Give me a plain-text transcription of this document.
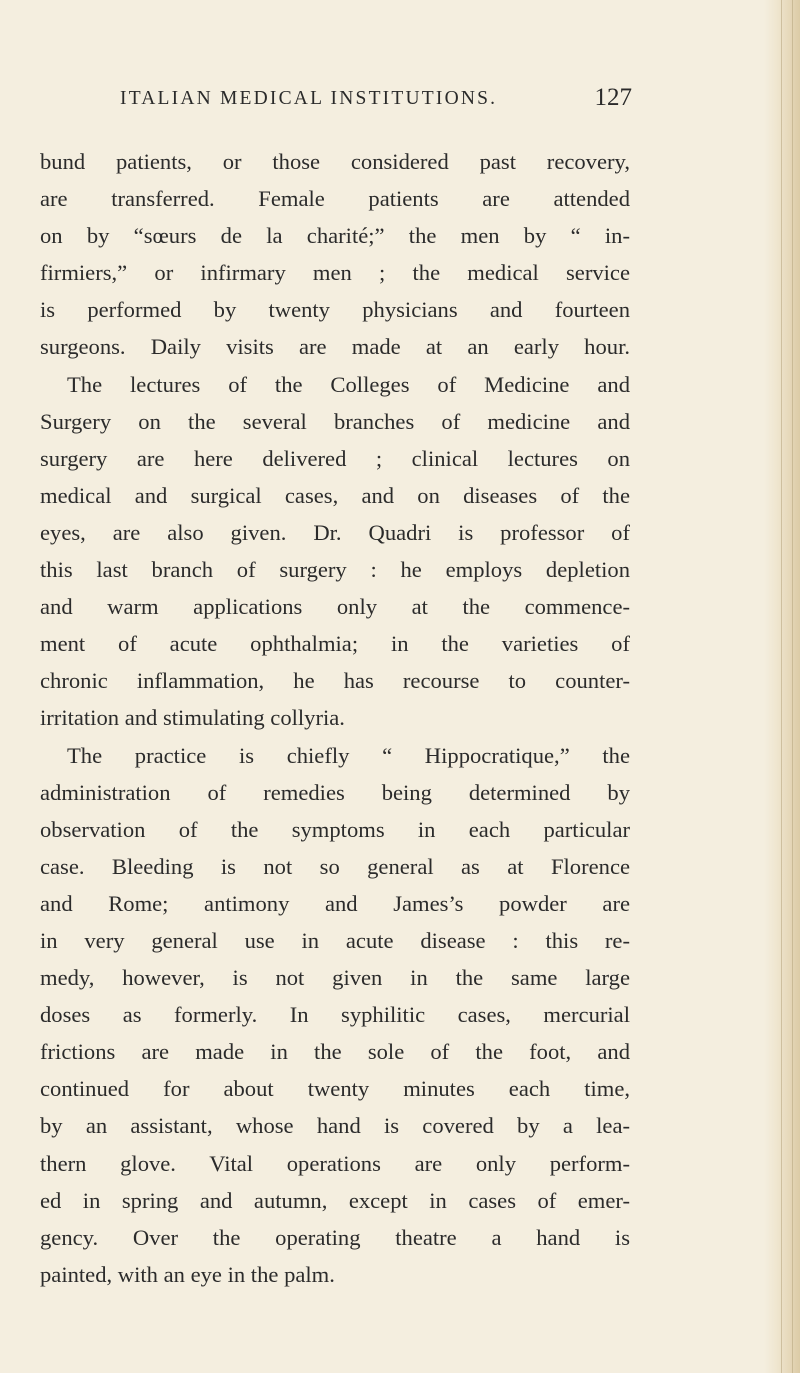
ITALIAN MEDICAL INSTITUTIONS.	127
bund patients, or those considered past recovery,
are transferred. Female patients are attended
on by “sœurs de la charité;” the men by “ in-
firmiers,” or infirmary men ; the medical service
is performed by twenty physicians and fourteen
surgeons. Daily visits are made at an early hour.
The lectures of the Colleges of Medicine and
Surgery on the several branches of medicine and
surgery are here delivered ; clinical lectures on
medical and surgical cases, and on diseases of the
eyes, are also given. Dr. Quadri is professor of
this last branch of surgery : he employs depletion
and warm applications only at the commence-
ment of acute ophthalmia; in the varieties of
chronic inflammation, he has recourse to counter-
irritation and stimulating collyria.
The practice is chiefly “ Hippocratique,” the
administration of remedies being determined by
observation of the symptoms in each particular
case. Bleeding is not so general as at Florence
and Rome; antimony and James’s powder are
in very general use in acute disease : this re-
medy, however, is not given in the same large
doses as formerly. In syphilitic cases, mercurial
frictions are made in the sole of the foot, and
continued for about twenty minutes each time,
by an assistant, whose hand is covered by a lea-
thern glove. Vital operations are only perform-
ed in spring and autumn, except in cases of emer-
gency. Over the operating theatre a hand is
painted, with an eye in the palm.
